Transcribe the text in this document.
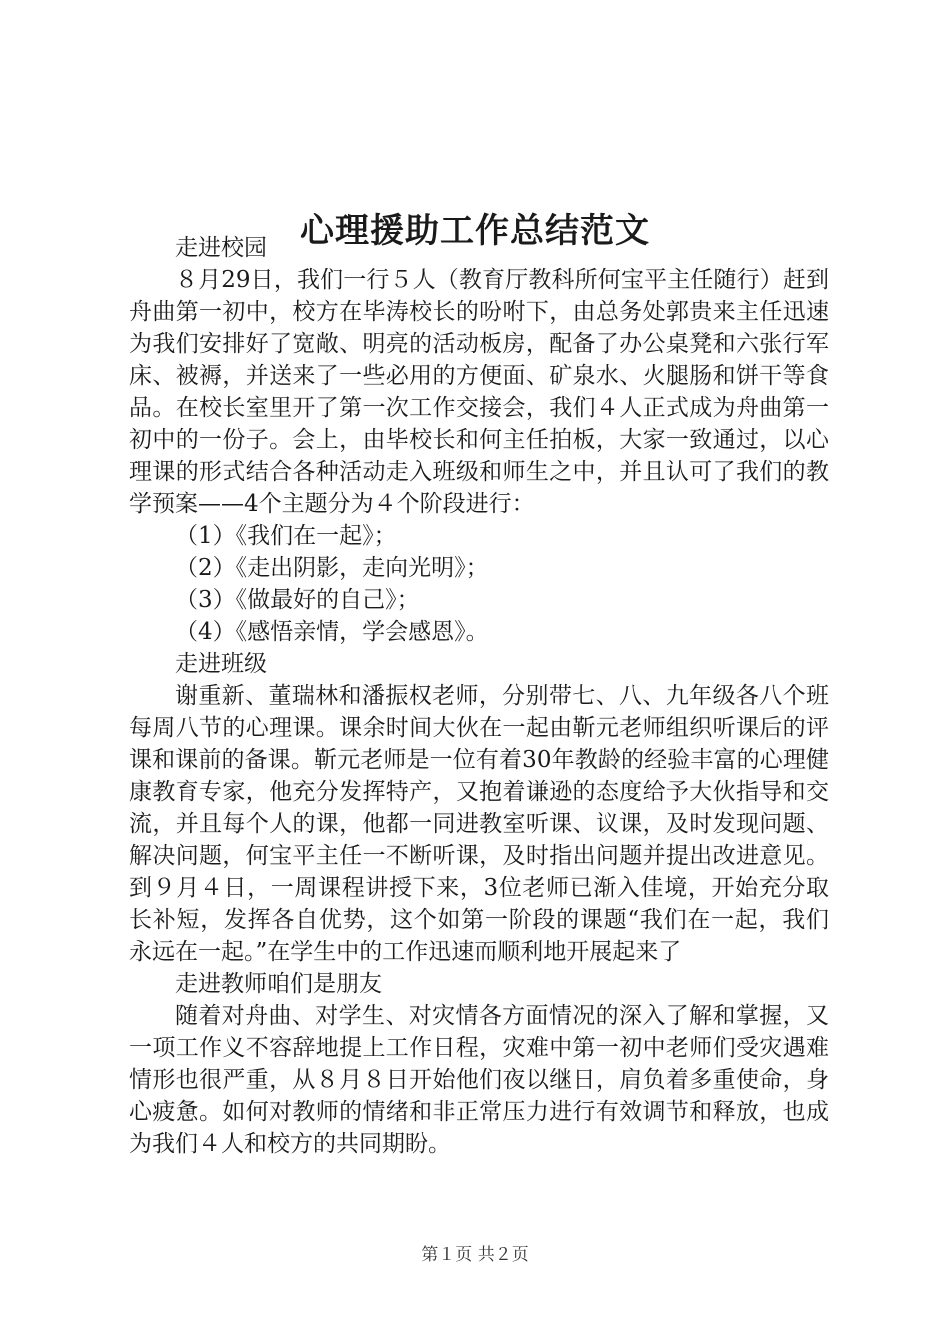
心理援助工作总结范文

走进校园

８月29日，我们一行５人（教育厅教科所何宝平主任随行）赶到舟曲第一初中，校方在毕涛校长的吩咐下，由总务处郭贵来主任迅速为我们安排好了宽敞、明亮的活动板房，配备了办公桌凳和六张行军床、被褥，并送来了一些必用的方便面、矿泉水、火腿肠和饼干等食品。在校长室里开了第一次工作交接会，我们４人正式成为舟曲第一初中的一份子。会上，由毕校长和何主任拍板，大家一致通过，以心理课的形式结合各种活动走入班级和师生之中，并且认可了我们的教学预案——4个主题分为４个阶段进行：

（1）《我们在一起》；

（2）《走出阴影，走向光明》；

（3）《做最好的自己》；

（4）《感悟亲情，学会感恩》。

走进班级

谢重新、董瑞林和潘振权老师，分别带七、八、九年级各八个班每周八节的心理课。课余时间大伙在一起由靳元老师组织听课后的评课和课前的备课。靳元老师是一位有着30年教龄的经验丰富的心理健康教育专家，他充分发挥特产，又抱着谦逊的态度给予大伙指导和交流，并且每个人的课，他都一同进教室听课、议课，及时发现问题、解决问题，何宝平主任一不断听课，及时指出问题并提出改进意见。到９月４日，一周课程讲授下来，3位老师已渐入佳境，开始充分取长补短，发挥各自优势，这个如第一阶段的课题“我们在一起，我们永远在一起。”在学生中的工作迅速而顺利地开展起来了

走进教师咱们是朋友

随着对舟曲、对学生、对灾情各方面情况的深入了解和掌握，又一项工作义不容辞地提上工作日程，灾难中第一初中老师们受灾遇难情形也很严重，从８月８日开始他们夜以继日，肩负着多重使命，身心疲惫。如何对教师的情绪和非正常压力进行有效调节和释放，也成为我们４人和校方的共同期盼。

第１页 共２页
